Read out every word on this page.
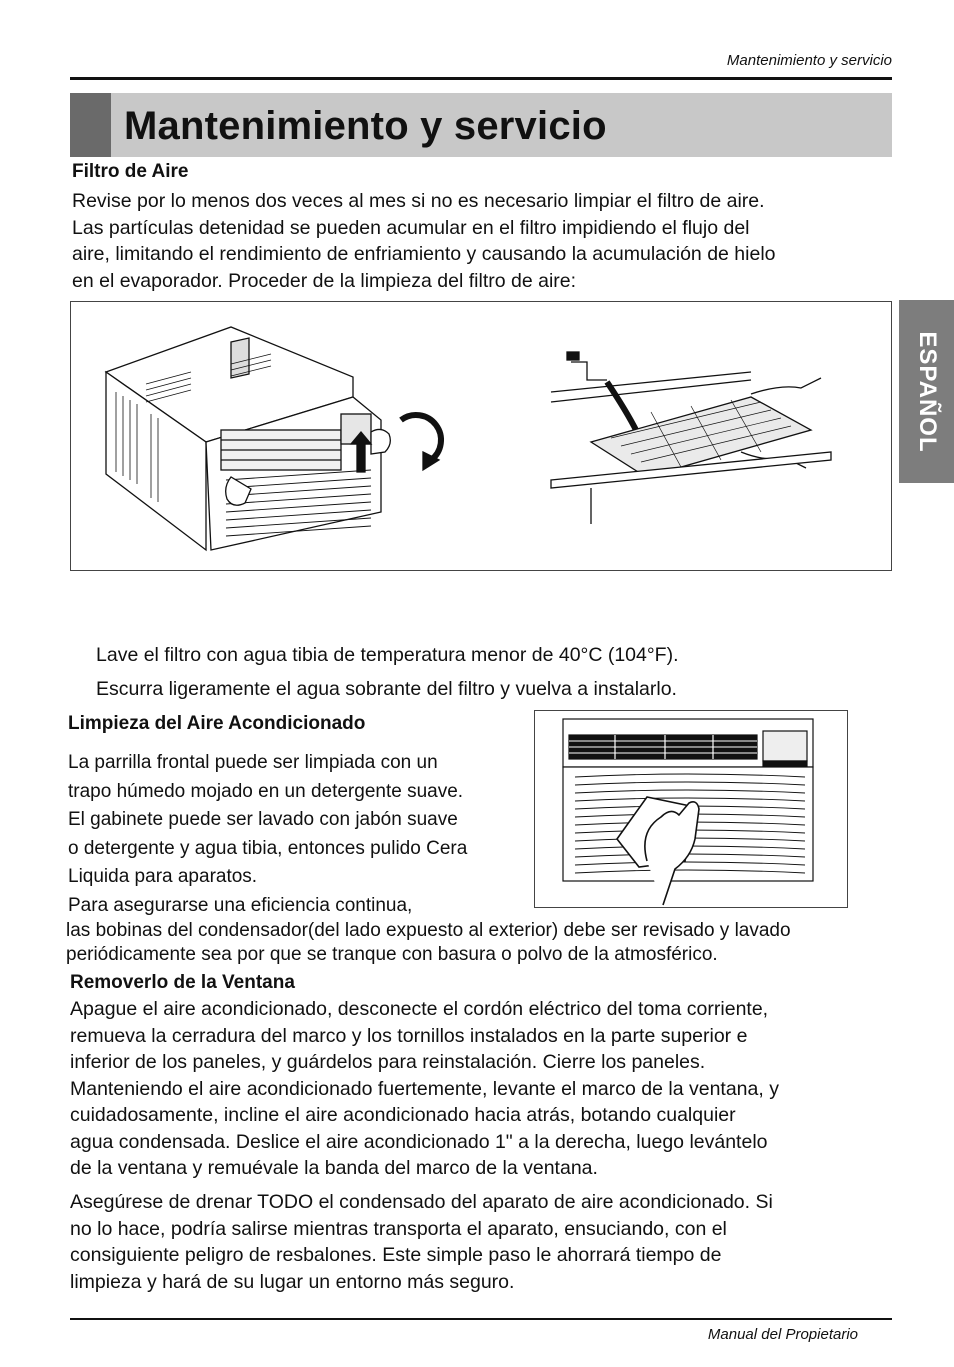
Mantenimiento y servicio
ESPAÑOL
Mantenimiento y servicio
Filtro de Aire
Revise por lo menos dos veces al mes si no es necesario limpiar el filtro de aire.
Las partículas detenidad se pueden acumular en el filtro impidiendo el flujo del
aire, limitando el rendimiento de enfriamiento y causando la acumulación de hielo
en el evaporador. Proceder de la limpieza del filtro de aire:
Lave el filtro con agua tibia de temperatura menor de 40°C (104°F).
Escurra ligeramente el agua sobrante del filtro y vuelva a instalarlo.
Limpieza del Aire Acondicionado
La parrilla frontal puede ser limpiada con un
trapo húmedo mojado en un detergente suave.
El gabinete puede ser lavado con jabón suave
o detergente y agua tibia, entonces pulido Cera
Liquida para aparatos.
Para asegurarse una eficiencia continua,
las bobinas del condensador(del lado expuesto al exterior) debe ser revisado y lavado
periódicamente sea por que se tranque con basura o polvo de la atmosférico.
Removerlo de la Ventana
Apague el aire acondicionado, desconecte el cordón eléctrico del toma corriente,
remueva la cerradura del marco y los tornillos instalados en la parte superior e
inferior de los paneles, y guárdelos para reinstalación. Cierre los paneles.
Manteniendo el aire acondicionado fuertemente, levante el marco de la ventana, y
cuidadosamente, incline el aire acondicionado hacia atrás, botando cualquier
agua condensada. Deslice el aire acondicionado 1" a la derecha, luego levántelo
de la ventana y remuévale la banda del marco de la ventana.
Asegúrese de drenar TODO el condensado del aparato de aire acondicionado. Si
no lo hace, podría salirse mientras transporta el aparato, ensuciando, con el
consiguiente peligro de resbalones. Este simple paso le ahorrará tiempo de
limpieza y hará de su lugar un entorno más seguro.
Manual del Propietario
